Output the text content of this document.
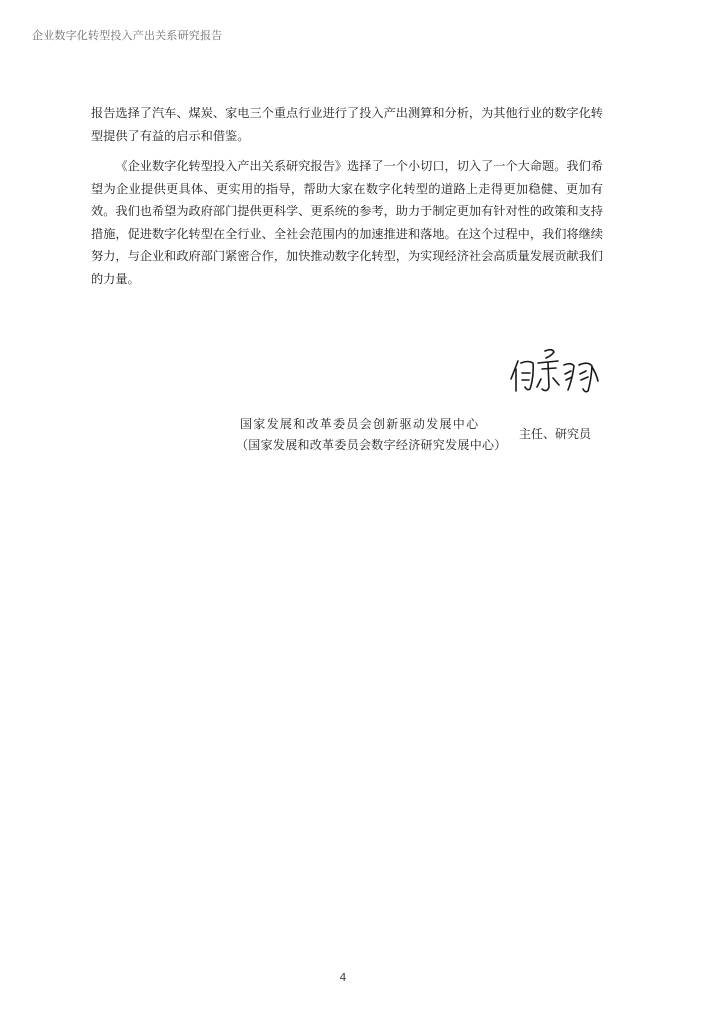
企业数字化转型投入产出关系研究报告

报告选择了汽车、煤炭、家电三个重点行业进行了投入产出测算和分析，为其他行业的数字化转型提供了有益的启示和借鉴。

《企业数字化转型投入产出关系研究报告》选择了一个小切口，切入了一个大命题。我们希望为企业提供更具体、更实用的指导，帮助大家在数字化转型的道路上走得更加稳健、更加有效。我们也希望为政府部门提供更科学、更系统的参考，助力于制定更加有针对性的政策和支持措施，促进数字化转型在全行业、全社会范围内的加速推进和落地。在这个过程中，我们将继续努力，与企业和政府部门紧密合作，加快推动数字化转型，为实现经济社会高质量发展贡献我们的力量。

国家发展和改革委员会创新驱动发展中心
（国家发展和改革委员会数字经济研究发展中心）
主任、研究员
4
